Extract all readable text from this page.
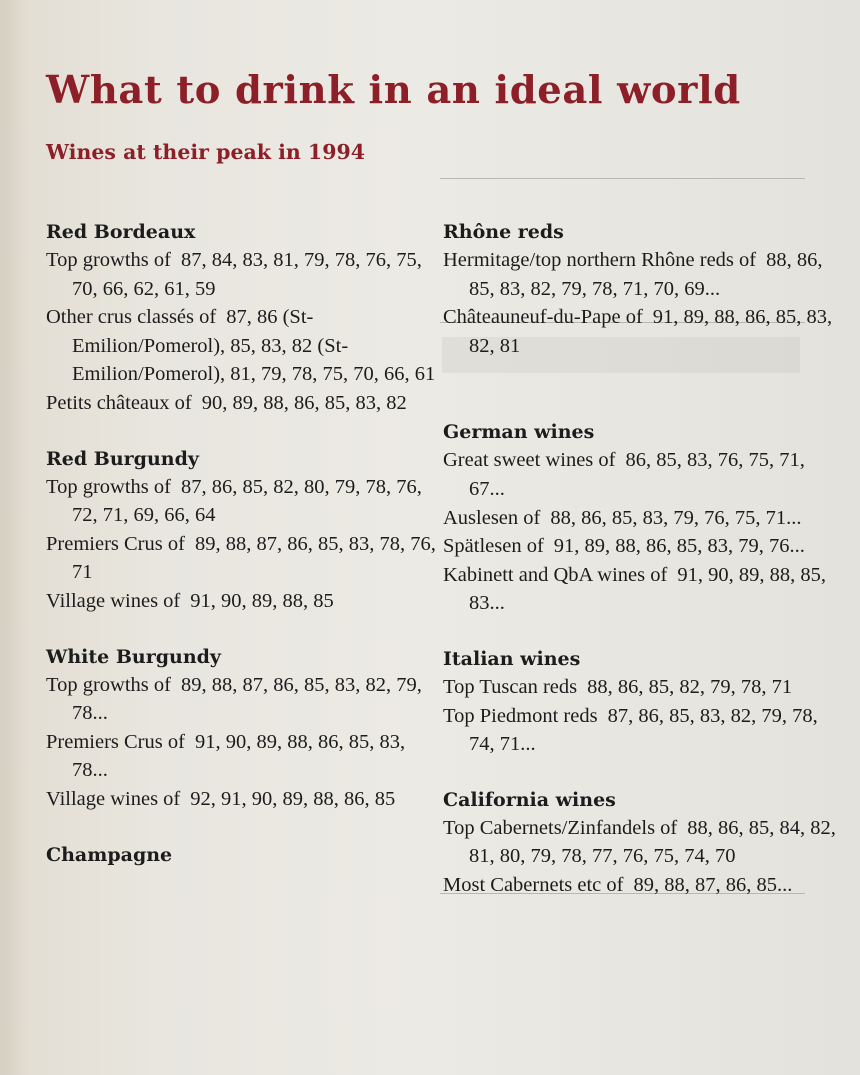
What to drink in an ideal world
Wines at their peak in 1994
Red Bordeaux
Top growths of 87, 84, 83, 81, 79, 78, 76, 75, 70, 66, 62, 61, 59
Other crus classés of 87, 86 (St-Emilion/Pomerol), 85, 83, 82 (St-Emilion/Pomerol), 81, 79, 78, 75, 70, 66, 61
Petits châteaux of 90, 89, 88, 86, 85, 83, 82
Red Burgundy
Top growths of 87, 86, 85, 82, 80, 79, 78, 76, 72, 71, 69, 66, 64
Premiers Crus of 89, 88, 87, 86, 85, 83, 78, 76, 71
Village wines of 91, 90, 89, 88, 85
White Burgundy
Top growths of 89, 88, 87, 86, 85, 83, 82, 79, 78...
Premiers Crus of 91, 90, 89, 88, 86, 85, 83, 78...
Village wines of 92, 91, 90, 89, 88, 86, 85
Champagne
Rhône reds
Hermitage/top northern Rhône reds of 88, 86, 85, 83, 82, 79, 78, 71, 70, 69...
Châteauneuf-du-Pape of 91, 89, 88, 86, 85, 83, 82, 81
German wines
Great sweet wines of 86, 85, 83, 76, 75, 71, 67...
Auslesen of 88, 86, 85, 83, 79, 76, 75, 71...
Spätlesen of 91, 89, 88, 86, 85, 83, 79, 76...
Kabinett and QbA wines of 91, 90, 89, 88, 85, 83...
Italian wines
Top Tuscan reds 88, 86, 85, 82, 79, 78, 71
Top Piedmont reds 87, 86, 85, 83, 82, 79, 78, 74, 71...
California wines
Top Cabernets/Zinfandels of 88, 86, 85, 84, 82, 81, 80, 79, 78, 77, 76, 75, 74, 70
Most Cabernets etc of 89, 88, 87, 86, 85...
